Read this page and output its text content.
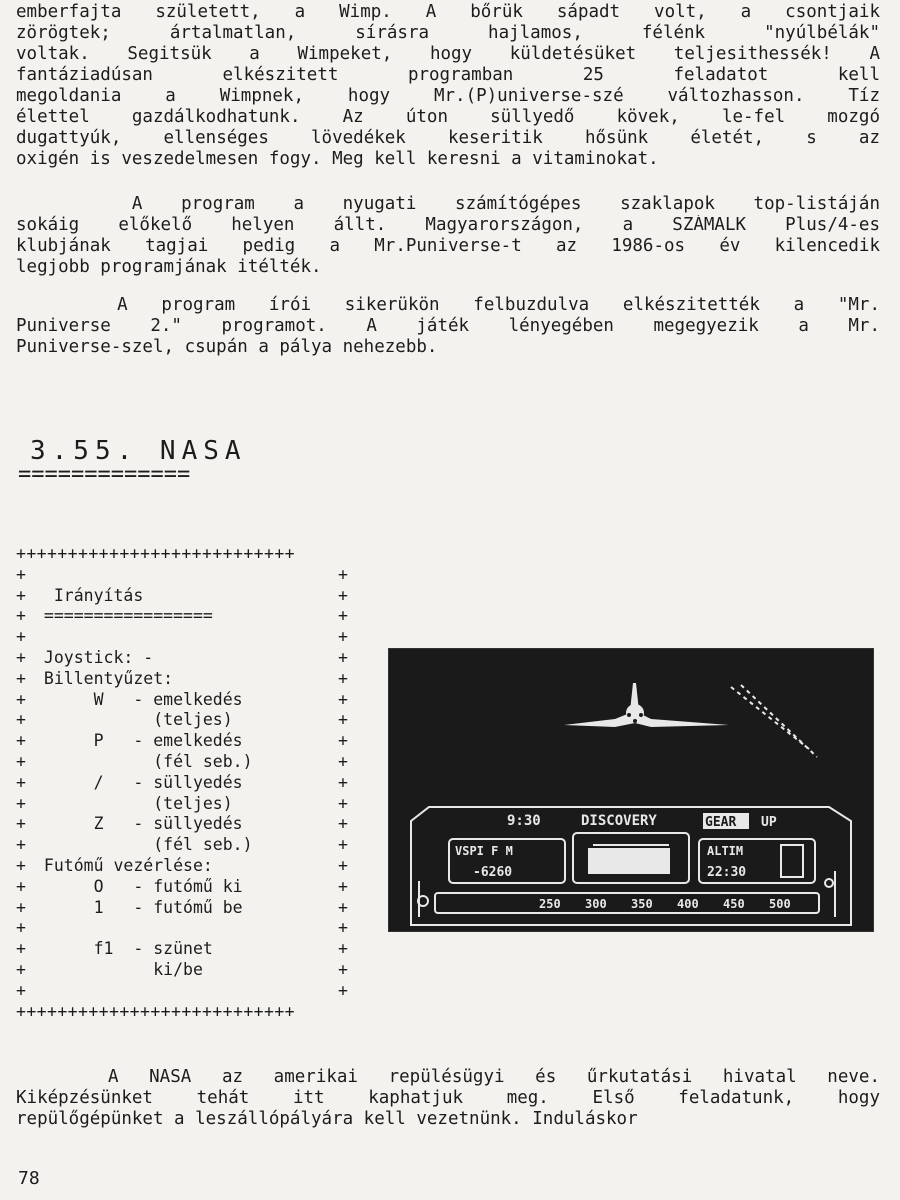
emberfajta született, a Wimp. A bőrük sápadt volt, a csontjaik
zörögtek; ártalmatlan, sírásra hajlamos, félénk "nyúlbélák"
voltak. Segitsük a Wimpeket, hogy küldetésüket teljesithessék! A
fantáziadúsan elkészitett programban 25 feladatot kell
megoldania a Wimpnek, hogy Mr.(P)universe-szé változhasson. Tíz
élettel gazdálkodhatunk. Az úton süllyedő kövek, le-fel mozgó
dugattyúk, ellenséges lövedékek keseritik hősünk életét, s az
oxigén is veszedelmesen fogy. Meg kell keresni a vitaminokat.
A program a nyugati számítógépes szaklapok top-listáján
sokáig előkelő helyen állt. Magyarországon, a SZÁMALK Plus/4-es
klubjának tagjai pedig a Mr.Puniverse-t az 1986-os év kilencedik
legjobb programjának itélték.
A program írói sikerükön felbuzdulva elkészitették a "Mr.
Puniverse 2." programot. A játék lényegében megegyezik a Mr.
Puniverse-szel, csupán a pálya nehezebb.
3.55. NASA
=============
+++++++++++++++++++++++++++
+	+
+ Irányítás	+
+ =================	+
+	+
+ Joystick: -	+
+ Billentyűzet:	+
+ W   - emelkedés	+
+ (teljes)	+
+ P   - emelkedés	+
+ (fél seb.)	+
+ /   - süllyedés	+
+ (teljes)	+
+ Z   - süllyedés	+
+ (fél seb.)	+
+ Futómű vezérlése:	+
+ O   - futómű ki	+
+ 1   - futómű be	+
+	+
+ f1  - szünet	+
+ ki/be	+
+	+
+++++++++++++++++++++++++++
9:30	DISCOVERY	GEAR UP
VSPI F M
-6260
ALTIM
22:30
250 300 350 400 450 500
A NASA az amerikai repülésügyi és űrkutatási hivatal neve.
Kiképzésünket tehát itt kaphatjuk meg. Első feladatunk, hogy
repülőgépünket a leszállópályára kell vezetnünk. Induláskor
78
